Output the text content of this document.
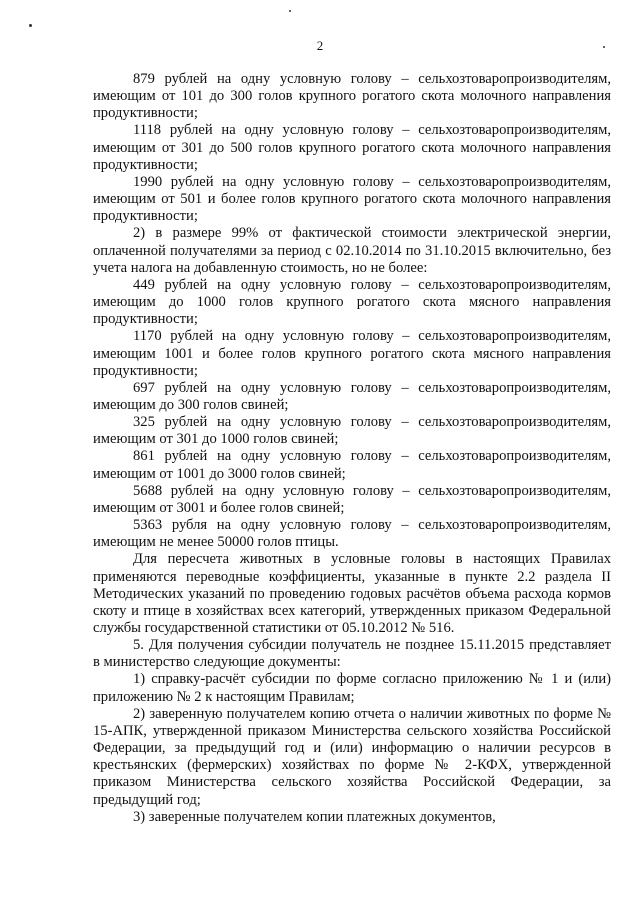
2

879 рублей на одну условную голову – сельхозтоваропроизводителям, имеющим от 101 до 300 голов крупного рогатого скота молочного направления продуктивности;

1118 рублей на одну условную голову – сельхозтоваропроизводителям, имеющим от 301 до 500 голов крупного рогатого скота молочного направления продуктивности;

1990 рублей на одну условную голову – сельхозтоваропроизводителям, имеющим от 501 и более голов крупного рогатого скота молочного направления продуктивности;

2) в размере 99% от фактической стоимости электрической энергии, оплаченной получателями за период с 02.10.2014 по 31.10.2015 включительно, без учета налога на добавленную стоимость, но не более:

449 рублей на одну условную голову – сельхозтоваропроизводителям, имеющим до 1000 голов крупного рогатого скота мясного направления продуктивности;

1170 рублей на одну условную голову – сельхозтоваропроизводителям, имеющим 1001 и более голов крупного рогатого скота мясного направления продуктивности;

697 рублей на одну условную голову – сельхозтоваропроизводителям, имеющим до 300 голов свиней;

325 рублей на одну условную голову – сельхозтоваропроизводителям, имеющим от 301 до 1000 голов свиней;

861 рублей на одну условную голову – сельхозтоваропроизводителям, имеющим от 1001 до 3000 голов свиней;

5688 рублей на одну условную голову – сельхозтоваропроизводителям, имеющим от 3001 и более голов свиней;

5363 рубля на одну условную голову – сельхозтоваропроизводителям, имеющим не менее 50000 голов птицы.

Для пересчета животных в условные головы в настоящих Правилах применяются переводные коэффициенты, указанные в пункте 2.2 раздела II Методических указаний по проведению годовых расчётов объема расхода кормов скоту и птице в хозяйствах всех категорий, утвержденных приказом Федеральной службы государственной статистики от 05.10.2012 № 516.

5. Для получения субсидии получатель не позднее 15.11.2015 представляет в министерство следующие документы:

1) справку-расчёт субсидии по форме согласно приложению № 1 и (или) приложению № 2 к настоящим Правилам;

2) заверенную получателем копию отчета о наличии животных по форме № 15-АПК, утвержденной приказом Министерства сельского хозяйства Российской Федерации, за предыдущий год и (или) информацию о наличии ресурсов в крестьянских (фермерских) хозяйствах по форме № 2-КФХ, утвержденной приказом Министерства сельского хозяйства Российской Федерации, за предыдущий год;

3) заверенные получателем копии платежных документов,
